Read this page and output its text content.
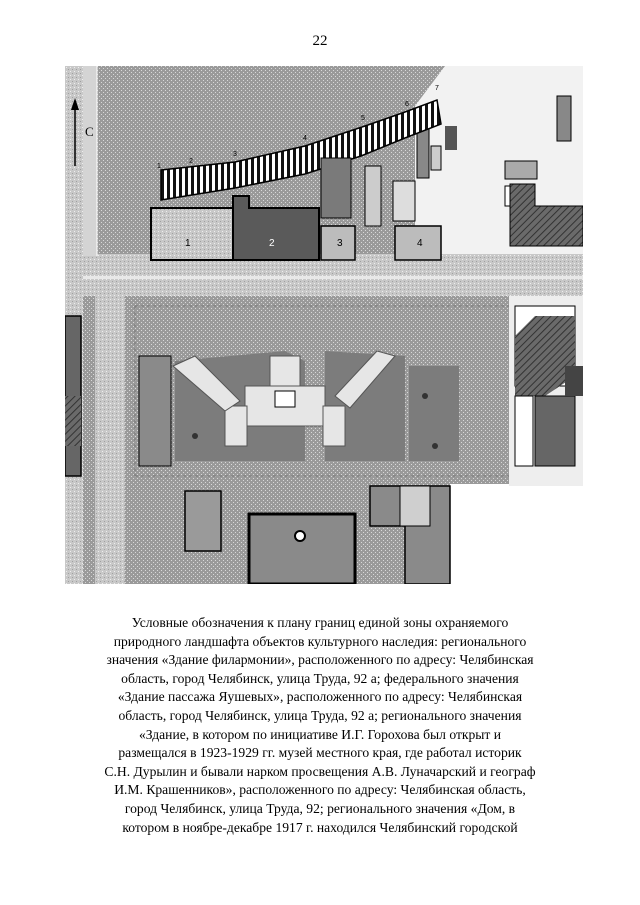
22
С
1
2
3
4
5
6
7
1	2	3	4
Условные обозначения к плану границ единой зоны охраняемого
природного ландшафта объектов культурного наследия: регионального
значения «Здание филармонии», расположенного по адресу: Челябинская
область, город Челябинск, улица Труда, 92 а; федерального значения
«Здание пассажа Яушевых», расположенного по адресу: Челябинская
область, город Челябинск, улица Труда, 92 а; регионального значения
«Здание, в котором по инициативе И.Г. Горохова был открыт и
размещался в 1923-1929 гг. музей местного края, где работал историк
С.Н. Дурылин и бывали нарком просвещения А.В. Луначарский и географ
И.М. Крашенников», расположенного по адресу: Челябинская область,
город Челябинск, улица Труда, 92; регионального значения «Дом, в
котором в ноябре-декабре 1917 г. находился Челябинский городской
